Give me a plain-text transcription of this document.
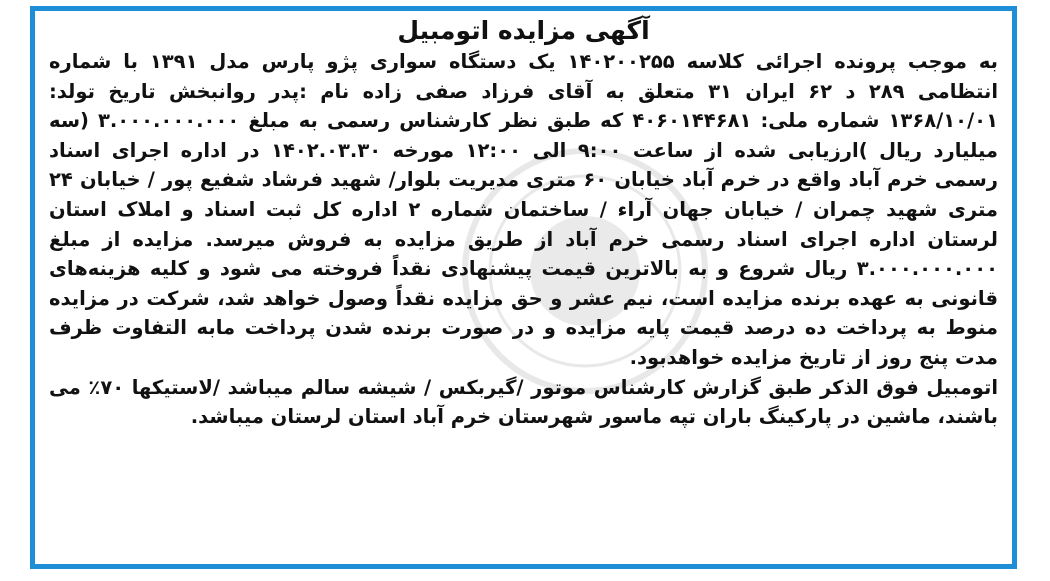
آگهی مزایده اتومبیل

به موجب پرونده اجرائی کلاسه ۱۴۰۲۰۰۲۵۵ یک دستگاه سواری پژو پارس مدل ۱۳۹۱ با شماره انتظامی ۲۸۹ د ۶۲ ایران ۳۱ متعلق به آقای فرزاد صفی زاده نام :پدر روانبخش تاریخ تولد: ۱۳۶۸/۱۰/۰۱ شماره ملی: ۴۰۶۰۱۴۴۶۸۱ که طبق نظر کارشناس رسمی به مبلغ ۳.۰۰۰.۰۰۰.۰۰۰ (سه میلیارد ریال )ارزیابی شده از ساعت ۹:۰۰ الی ۱۲:۰۰ مورخه ۱۴۰۲.۰۳.۳۰ در اداره اجرای اسناد رسمی خرم آباد واقع در خرم آباد خیابان ۶۰ متری مدیریت بلوار/ شهید فرشاد شفیع پور / خیابان ۲۴ متری شهید چمران / خیابان جهان آراء / ساختمان شماره ۲ اداره کل ثبت اسناد و املاک استان لرستان اداره اجرای اسناد رسمی خرم آباد از طریق مزایده به فروش میرسد. مزایده از مبلغ ۳.۰۰۰.۰۰۰.۰۰۰ ریال شروع و به بالاترین قیمت پیشنهادی نقداً فروخته می شود و کلیه هزینه‌های قانونی به عهده برنده مزایده است، نیم عشر و حق مزایده نقداً وصول خواهد شد، شرکت در مزایده منوط به پرداخت ده درصد قیمت پایه مزایده و در صورت برنده شدن پرداخت مابه التفاوت ظرف مدت پنج روز از تاریخ مزایده خواهدبود.

اتومبیل فوق الذکر طبق گزارش کارشناس موتور /گیربکس / شیشه سالم میباشد /لاستیکها ۷۰٪ می باشند، ماشین در پارکینگ باران تپه ماسور شهرستان خرم آباد استان لرستان میباشد.
